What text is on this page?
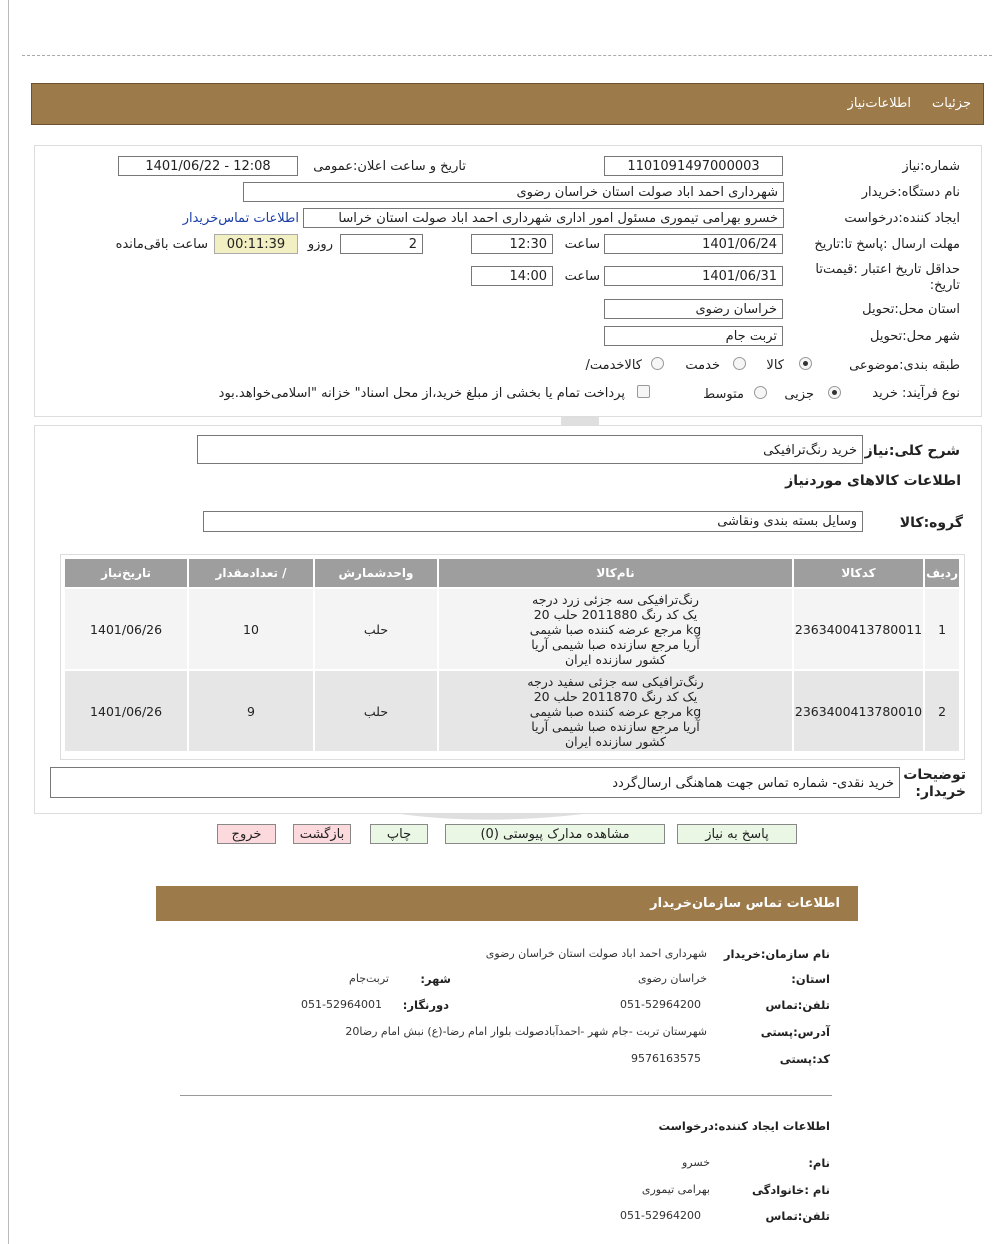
جزئیات
اطلاعات‌نیاز
شماره:نیاز
1101091497000003
تاریخ و ساعت اعلان:عمومی
1401/06/22 - 12:08
نام دستگاه:خریدار
شهرداری احمد اباد صولت استان خراسان رضوی
ایجاد کننده:درخواست
خسرو بهرامی تیموری مسئول امور اداری شهرداری احمد اباد صولت استان خراسا
اطلاعات تماس‌خریدار
مهلت ارسال :پاسخ تا:تاریخ
1401/06/24
ساعت
12:30
2
روزو
00:11:39
ساعت باقی‌مانده
حداقل تاریخ اعتبار :قیمت‌تا
:تاریخ
1401/06/31
ساعت
14:00
استان محل:تحویل
خراسان رضوی
شهر محل:تحویل
تربت جام
طبقه بندی:موضوعی
کالا
خدمت
/کالاخدمت
نوع فرآیند: خرید
جزیی
متوسط
پرداخت تمام یا بخشی از مبلغ خرید،از محل اسناد" خزانه "اسلامی‌خواهد.بود
شرح کلی:نیاز
خرید رنگ‌ترافیکی
اطلاعات کالاهای موردنیاز
گروه:کالا
وسایل بسته بندی ونقاشی
ردیف	کدکالا	نام‌کالا	واحدشمارش	/ تعدادمقدار	تاریخ‌نیاز
1	2363400413780011	رنگ‌ترافیکی سه جزئی زرد درجه
یک کد رنگ 2011880 حلب 20
kg مرجع عرضه کننده صبا شیمی
آریا مرجع سازنده صبا شیمی آریا
کشور سازنده ایران	حلب	10	1401/06/26
2	2363400413780010	رنگ‌ترافیکی سه جزئی سفید درجه
یک کد رنگ 2011870 حلب 20
kg مرجع عرضه کننده صبا شیمی
آریا مرجع سازنده صبا شیمی آریا
کشور سازنده ایران	حلب	9	1401/06/26
توضیحات
:خریدار
خرید نقدی- شماره تماس جهت هماهنگی ارسال‌گردد
پاسخ به نیاز
مشاهده مدارک پیوستی (0)
چاپ
بازگشت
خروج
اطلاعات تماس سازمان‌خریدار
نام سازمان:خریدار
شهرداری احمد اباد صولت استان خراسان رضوی
:استان
خراسان رضوی
:شهر
تربت‌جام
تلفن:تماس
051-52964200
:دورنگار
051-52964001
آدرس:پستی
شهرستان تربت -جام شهر -احمدآبادصولت بلوار امام رضا-(ع) نبش امام رضا20
کد:پستی
9576163575
اطلاعات ایجاد کننده:درخواست
:نام
خسرو
نام :خانوادگی
بهرامی تیموری
تلفن:تماس
051-52964200
